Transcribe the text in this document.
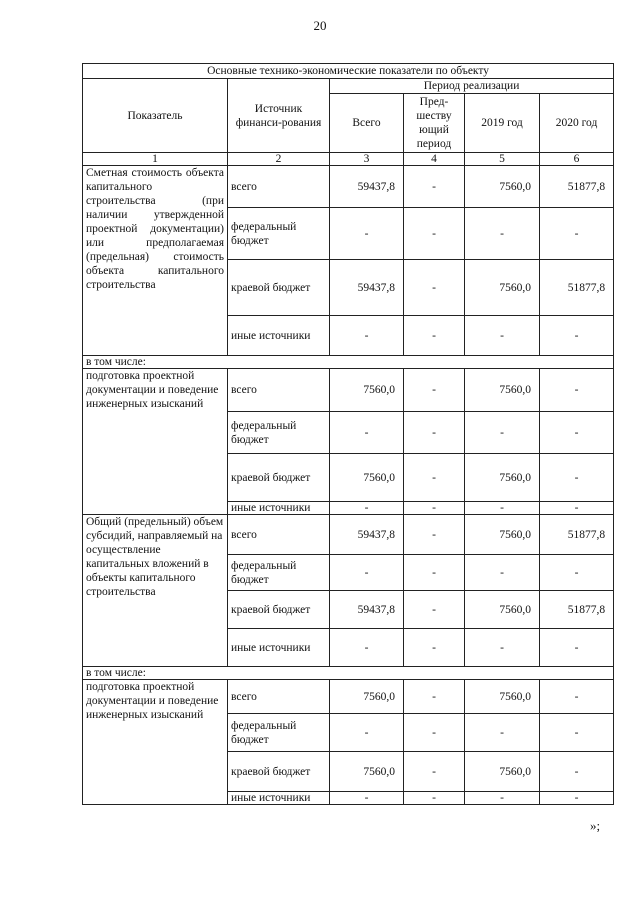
20
Основные технико-экономические показатели по объекту					
Показатель	Источник финанси-рования	Период реализации			
		Всего	Пред-шеству ющий период	2019 год	2020 год
1	2	3	4	5	6
Сметная стоимость объекта капитального строительства (при наличии утвержденной проектной документации) или предполагаемая (предельная) стоимость объекта капитального строительства	всего	59437,8	-	7560,0	51877,8
	федеральный бюджет	-	-	-	-
	краевой бюджет	59437,8	-	7560,0	51877,8
	иные источники	-	-	-	-
в том числе:					
подготовка проектной документации и поведение инженерных изысканий	всего	7560,0	-	7560,0	-
	федеральный бюджет	-	-	-	-
	краевой бюджет	7560,0	-	7560,0	-
	иные источники	-	-	-	-
Общий (предельный) объем субсидий, направляемый на осуществление капитальных вложений в объекты капитального строительства	всего	59437,8	-	7560,0	51877,8
	федеральный бюджет	-	-	-	-
	краевой бюджет	59437,8	-	7560,0	51877,8
	иные источники	-	-	-	-
в том числе:					
подготовка проектной документации и поведение инженерных изысканий	всего	7560,0	-	7560,0	-
	федеральный бюджет	-	-	-	-
	краевой бюджет	7560,0	-	7560,0	-
	иные источники	-	-	-	-
»;
